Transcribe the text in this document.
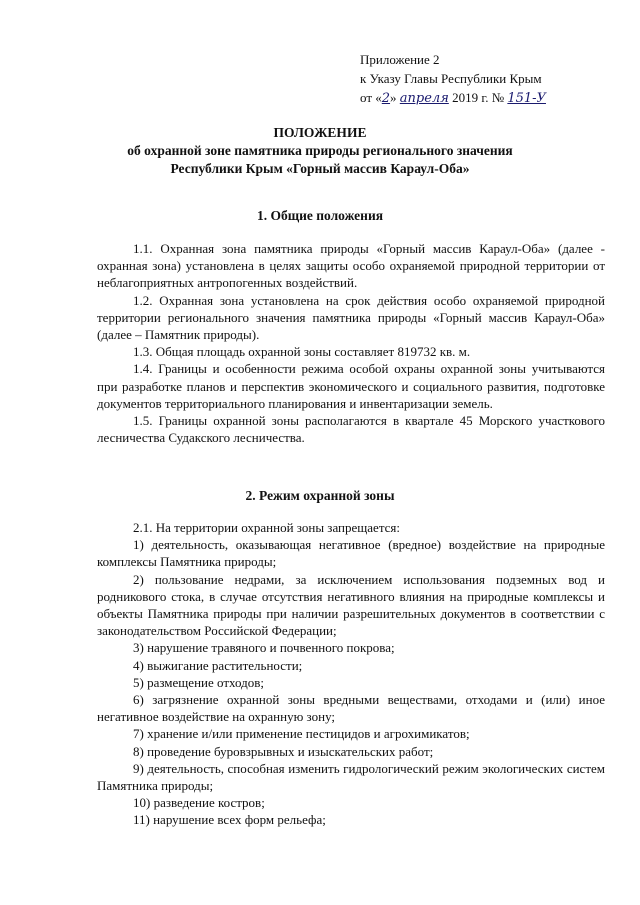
Приложение 2
к Указу Главы Республики Крым
от «2» апреля 2019 г. № 151-У
ПОЛОЖЕНИЕ
об охранной зоне памятника природы регионального значения
Республики Крым «Горный массив Караул-Оба»
1. Общие положения

1.1. Охранная зона памятника природы «Горный массив Караул-Оба» (далее - охранная зона) установлена в целях защиты особо охраняемой природной территории от неблагоприятных антропогенных воздействий.

1.2. Охранная зона установлена на срок действия особо охраняемой природной территории регионального значения памятника природы «Горный массив Караул-Оба» (далее – Памятник природы).

1.3. Общая площадь охранной зоны составляет 819732 кв. м.

1.4. Границы и особенности режима особой охраны охранной зоны учитываются при разработке планов и перспектив экономического и социального развития, подготовке документов территориального планирования и инвентаризации земель.

1.5. Границы охранной зоны располагаются в квартале 45 Морского участкового лесничества Судакского лесничества.

2. Режим охранной зоны

2.1. На территории охранной зоны запрещается:

1) деятельность, оказывающая негативное (вредное) воздействие на природные комплексы Памятника природы;

2) пользование недрами, за исключением использования подземных вод и родникового стока, в случае отсутствия негативного влияния на природные комплексы и объекты Памятника природы при наличии разрешительных документов в соответствии с законодательством Российской Федерации;

3) нарушение травяного и почвенного покрова;

4) выжигание растительности;

5) размещение отходов;

6) загрязнение охранной зоны вредными веществами, отходами и (или) иное негативное воздействие на охранную зону;

7) хранение и/или применение пестицидов и агрохимикатов;

8) проведение буровзрывных и изыскательских работ;

9) деятельность, способная изменить гидрологический режим экологических систем Памятника природы;

10) разведение костров;

11) нарушение всех форм рельефа;
